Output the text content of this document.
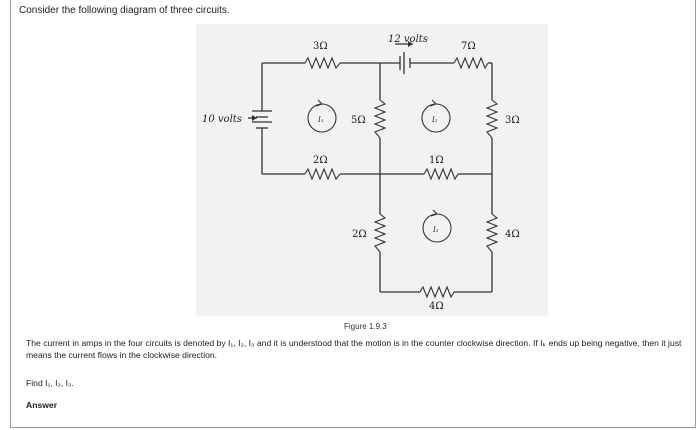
Consider the following diagram of three circuits.
10 volts
12 volts
3Ω	7Ω
5Ω	3Ω
2Ω	1Ω
2Ω	4Ω
4Ω
I₁	I₂
I₃
Figure 1.9.3
The current in amps in the four circuits is denoted by I₁, I₂, I₃ and it is understood that the motion is in the counter clockwise direction. If Iₖ ends up being negative, then it just means the current flows in the clockwise direction.
Find I₁, I₂, I₃.
Answer
